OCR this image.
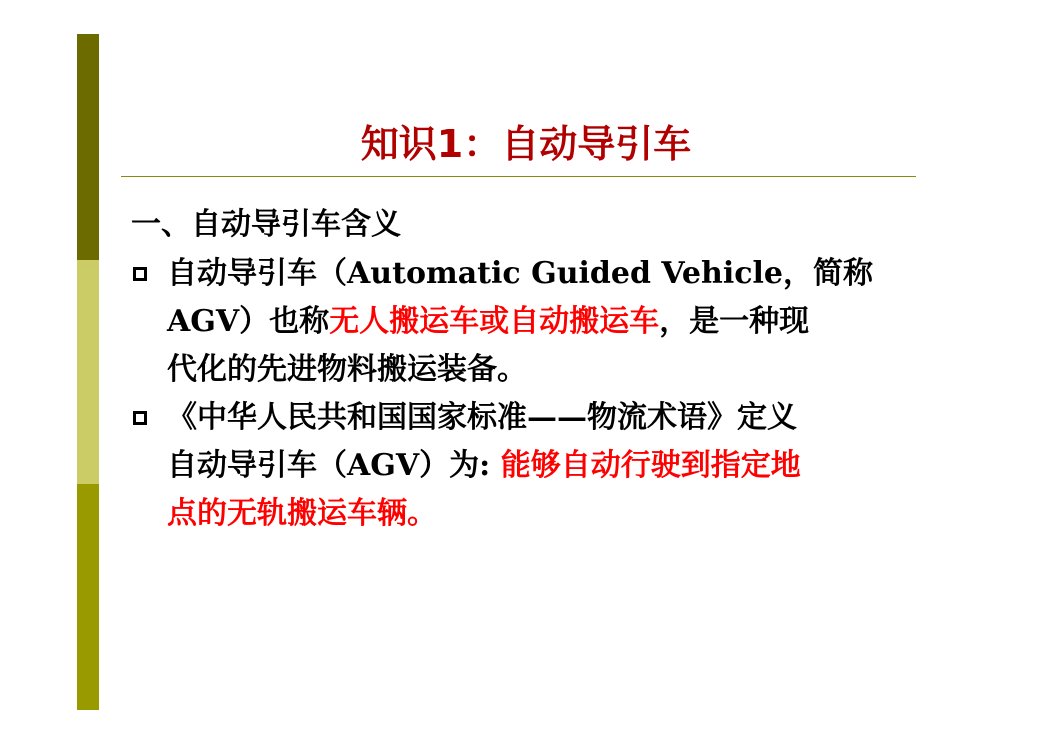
知识1：自动导引车
一、自动导引车含义
自动导引车（Automatic Guided Vehicle，简称
AGV）也称无人搬运车或自动搬运车，是一种现
代化的先进物料搬运装备。
《中华人民共和国国家标准——物流术语》定义
自动导引车（AGV）为: 能够自动行驶到指定地
点的无轨搬运车辆。
